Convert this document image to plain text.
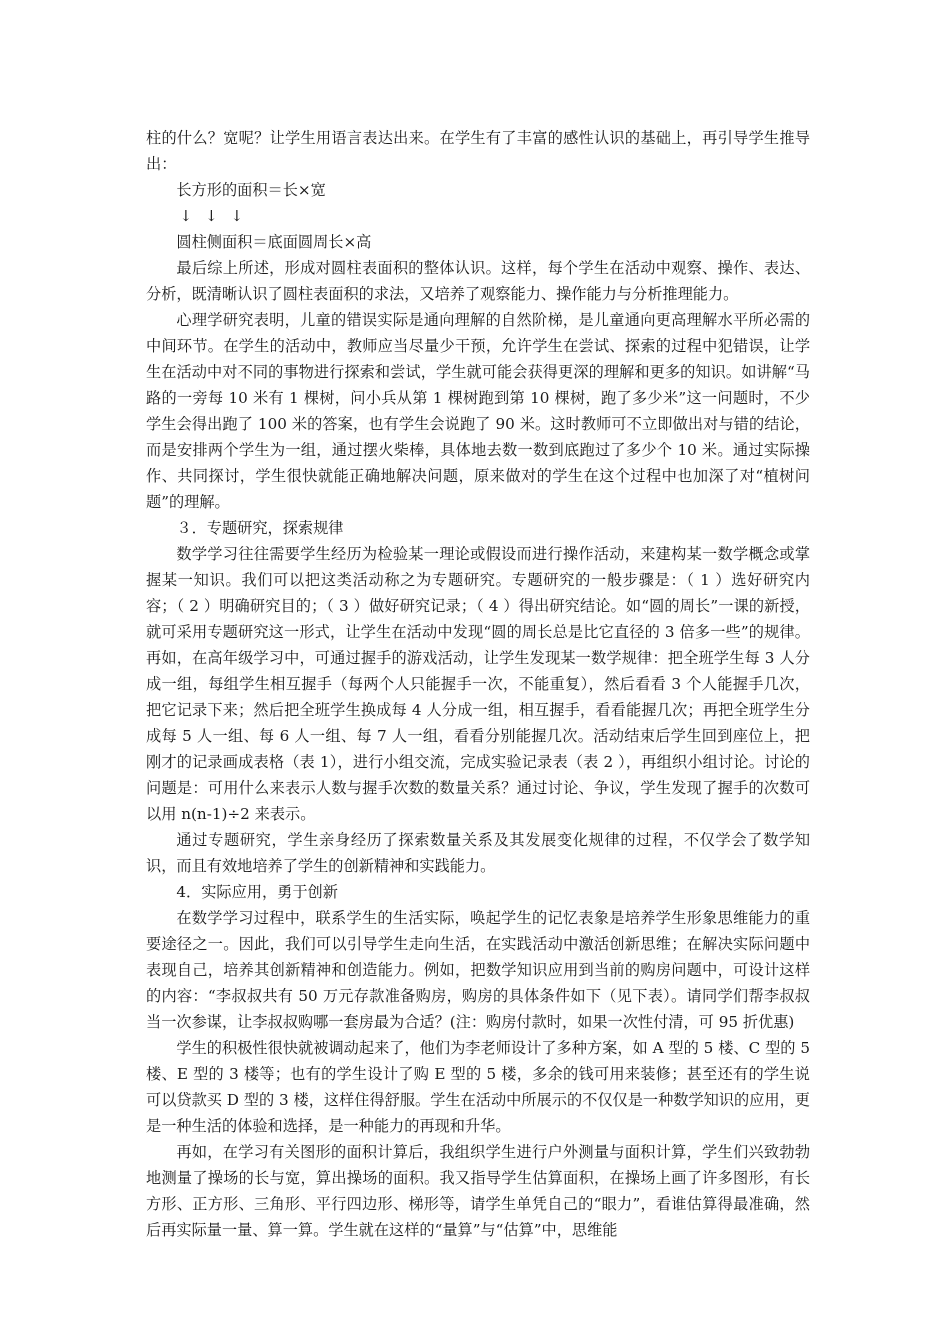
柱的什么？宽呢？让学生用语言表达出来。在学生有了丰富的感性认识的基础上，再引导学生推导出：

长方形的面积＝长×宽

↓ ↓ ↓

圆柱侧面积＝底面圆周长×高

最后综上所述，形成对圆柱表面积的整体认识。这样，每个学生在活动中观察、操作、表达、分析，既清晰认识了圆柱表面积的求法，又培养了观察能力、操作能力与分析推理能力。

心理学研究表明，儿童的错误实际是通向理解的自然阶梯，是儿童通向更高理解水平所必需的中间环节。在学生的活动中，教师应当尽量少干预，允许学生在尝试、探索的过程中犯错误，让学生在活动中对不同的事物进行探索和尝试，学生就可能会获得更深的理解和更多的知识。如讲解“马路的一旁每 10 米有 1 棵树，问小兵从第 1 棵树跑到第 10 棵树，跑了多少米”这一问题时，不少学生会得出跑了 100 米的答案，也有学生会说跑了 90 米。这时教师可不立即做出对与错的结论，而是安排两个学生为一组，通过摆火柴棒，具体地去数一数到底跑过了多少个 10 米。通过实际操作、共同探讨，学生很快就能正确地解决问题，原来做对的学生在这个过程中也加深了对“植树问题”的理解。

３．专题研究，探索规律

数学学习往往需要学生经历为检验某一理论或假设而进行操作活动，来建构某一数学概念或掌握某一知识。我们可以把这类活动称之为专题研究。专题研究的一般步骤是：（ 1 ）选好研究内容；（ 2 ）明确研究目的；（ 3 ）做好研究记录；（ 4 ）得出研究结论。如“圆的周长”一课的新授，就可采用专题研究这一形式，让学生在活动中发现“圆的周长总是比它直径的 3 倍多一些”的规律。再如，在高年级学习中，可通过握手的游戏活动，让学生发现某一数学规律：把全班学生每 3 人分成一组，每组学生相互握手（每两个人只能握手一次，不能重复），然后看看 3 个人能握手几次，把它记录下来；然后把全班学生换成每 4 人分成一组，相互握手，看看能握几次；再把全班学生分成每 5 人一组、每 6 人一组、每 7 人一组，看看分别能握几次。活动结束后学生回到座位上，把刚才的记录画成表格（表 1），进行小组交流，完成实验记录表（表 2 ），再组织小组讨论。讨论的问题是：可用什么来表示人数与握手次数的数量关系？通过讨论、争议，学生发现了握手的次数可以用 n(n-1)÷2 来表示。

通过专题研究，学生亲身经历了探索数量关系及其发展变化规律的过程，不仅学会了数学知识，而且有效地培养了学生的创新精神和实践能力。

4．实际应用，勇于创新

在数学学习过程中，联系学生的生活实际，唤起学生的记忆表象是培养学生形象思维能力的重要途径之一。因此，我们可以引导学生走向生活，在实践活动中激活创新思维；在解决实际问题中表现自己，培养其创新精神和创造能力。例如，把数学知识应用到当前的购房问题中，可设计这样的内容：“李叔叔共有 50 万元存款准备购房，购房的具体条件如下（见下表）。请同学们帮李叔叔当一次参谋，让李叔叔购哪一套房最为合适？(注：购房付款时，如果一次性付清，可 95 折优惠)

学生的积极性很快就被调动起来了，他们为李老师设计了多种方案，如 A 型的 5 楼、C 型的 5 楼、E 型的 3 楼等；也有的学生设计了购 E 型的 5 楼，多余的钱可用来装修；甚至还有的学生说可以贷款买 D 型的 3 楼，这样住得舒服。学生在活动中所展示的不仅仅是一种数学知识的应用，更是一种生活的体验和选择，是一种能力的再现和升华。

再如，在学习有关图形的面积计算后，我组织学生进行户外测量与面积计算，学生们兴致勃勃地测量了操场的长与宽，算出操场的面积。我又指导学生估算面积，在操场上画了许多图形，有长方形、正方形、三角形、平行四边形、梯形等，请学生单凭自己的“眼力”，看谁估算得最准确，然后再实际量一量、算一算。学生就在这样的“量算”与“估算”中，思维能
